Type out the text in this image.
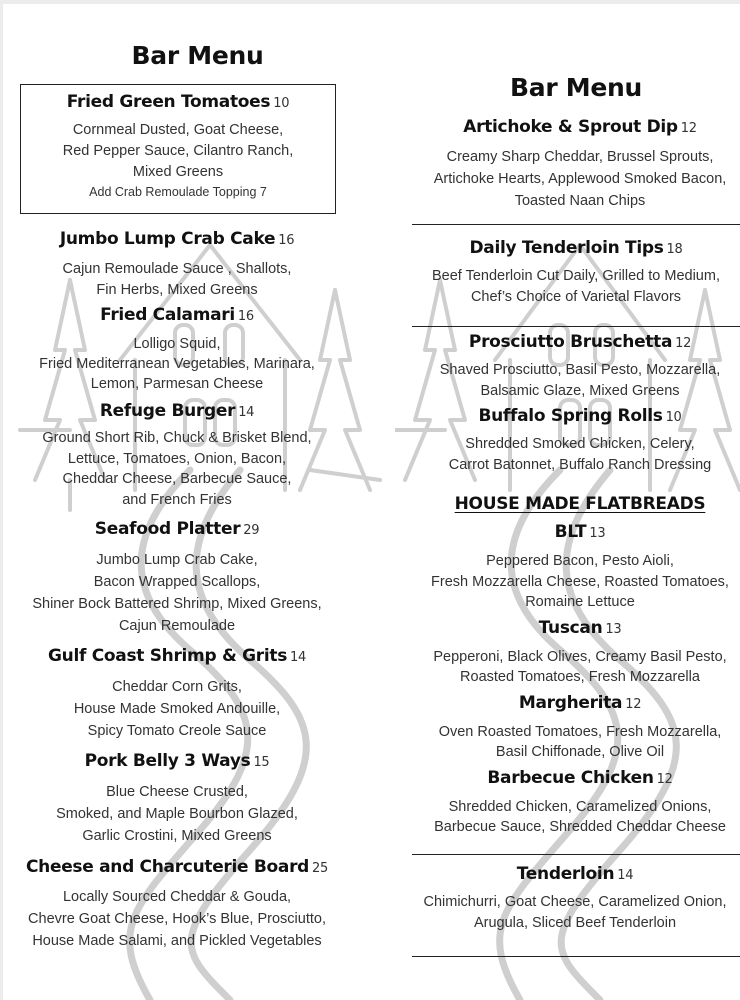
Bar Menu
Fried Green Tomatoes 10
Cornmeal Dusted, Goat Cheese,
Red Pepper Sauce, Cilantro Ranch,
Mixed Greens
Add Crab Remoulade Topping 7
Jumbo Lump Crab Cake 16
Cajun Remoulade Sauce , Shallots,
Fin Herbs, Mixed Greens
Fried Calamari 16
Lolligo Squid,
Fried Mediterranean Vegetables, Marinara,
Lemon, Parmesan Cheese
Refuge Burger 14
Ground Short Rib, Chuck & Brisket Blend,
Lettuce, Tomatoes, Onion, Bacon,
Cheddar Cheese, Barbecue Sauce,
and French Fries
Seafood Platter 29
Jumbo Lump Crab Cake,
Bacon Wrapped Scallops,
Shiner Bock Battered Shrimp, Mixed Greens,
Cajun Remoulade
Gulf Coast Shrimp & Grits 14
Cheddar Corn Grits,
House Made Smoked Andouille,
Spicy Tomato Creole Sauce
Pork Belly 3 Ways 15
Blue Cheese Crusted,
Smoked, and Maple Bourbon Glazed,
Garlic Crostini, Mixed Greens
Cheese and Charcuterie Board 25
Locally Sourced Cheddar & Gouda,
Chevre Goat Cheese, Hook’s Blue, Prosciutto,
House Made Salami, and Pickled Vegetables
Bar Menu
Artichoke & Sprout Dip 12
Creamy Sharp Cheddar, Brussel Sprouts,
Artichoke Hearts, Applewood Smoked Bacon,
Toasted Naan Chips
Daily Tenderloin Tips 18
Beef Tenderloin Cut Daily, Grilled to Medium,
Chef’s Choice of Varietal Flavors
Prosciutto Bruschetta 12
Shaved Prosciutto, Basil Pesto, Mozzarella,
Balsamic Glaze, Mixed Greens
Buffalo Spring Rolls 10
Shredded Smoked Chicken, Celery,
Carrot Batonnet, Buffalo Ranch Dressing
HOUSE MADE FLATBREADS
BLT 13
Peppered Bacon, Pesto Aioli,
Fresh Mozzarella Cheese, Roasted Tomatoes,
Romaine Lettuce
Tuscan 13
Pepperoni, Black Olives, Creamy Basil Pesto,
Roasted Tomatoes, Fresh Mozzarella
Margherita 12
Oven Roasted Tomatoes, Fresh Mozzarella,
Basil Chiffonade, Olive Oil
Barbecue Chicken 12
Shredded Chicken, Caramelized Onions,
Barbecue Sauce, Shredded Cheddar Cheese
Tenderloin 14
Chimichurri, Goat Cheese, Caramelized Onion,
Arugula, Sliced Beef Tenderloin
